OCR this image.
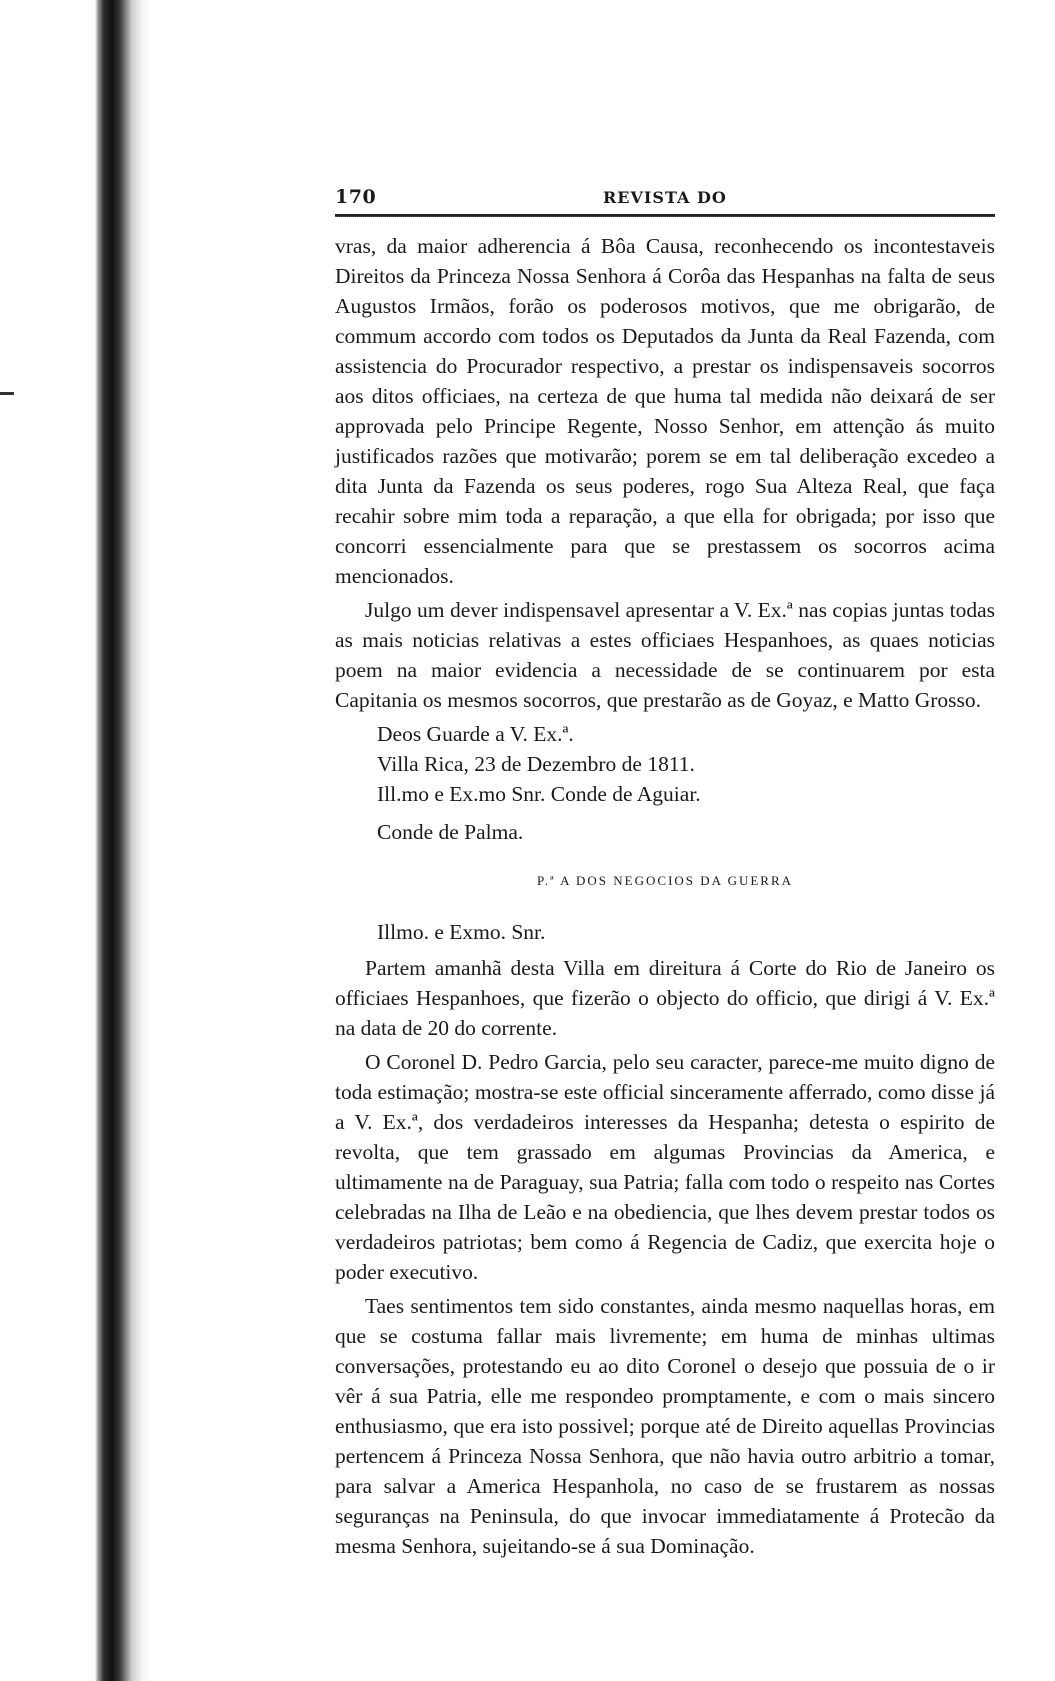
170	REVISTA DO

vras, da maior adherencia á Bôa Causa, reconhecendo os incontestaveis Direitos da Princeza Nossa Senhora á Corôa das Hespanhas na falta de seus Augustos Irmãos, forão os poderosos motivos, que me obrigarão, de commum accordo com todos os Deputados da Junta da Real Fazenda, com assistencia do Procurador respectivo, a prestar os indispensaveis socorros aos ditos officiaes, na certeza de que huma tal medida não deixará de ser approvada pelo Principe Regente, Nosso Senhor, em attenção ás muito justificados razões que motivarão; porem se em tal deliberação excedeo a dita Junta da Fazenda os seus poderes, rogo Sua Alteza Real, que faça recahir sobre mim toda a reparação, a que ella for obrigada; por isso que concorri essencialmente para que se prestassem os socorros acima mencionados.

Julgo um dever indispensavel apresentar a V. Ex.ª nas copias juntas todas as mais noticias relativas a estes officiaes Hespanhoes, as quaes noticias poem na maior evidencia a necessidade de se continuarem por esta Capitania os mesmos socorros, que prestarão as de Goyaz, e Matto Grosso.

Deos Guarde a V. Ex.ª.

Villa Rica, 23 de Dezembro de 1811.

Ill.mo e Ex.mo Snr. Conde de Aguiar.

Conde de Palma.

P.ª A DOS NEGOCIOS DA GUERRA

Illmo. e Exmo. Snr.

Partem amanhã desta Villa em direitura á Corte do Rio de Janeiro os officiaes Hespanhoes, que fizerão o objecto do officio, que dirigi á V. Ex.ª na data de 20 do corrente.

O Coronel D. Pedro Garcia, pelo seu caracter, parece-me muito digno de toda estimação; mostra-se este official sinceramente afferrado, como disse já a V. Ex.ª, dos verdadeiros interesses da Hespanha; detesta o espirito de revolta, que tem grassado em algumas Provincias da America, e ultimamente na de Paraguay, sua Patria; falla com todo o respeito nas Cortes celebradas na Ilha de Leão e na obediencia, que lhes devem prestar todos os verdadeiros patriotas; bem como á Regencia de Cadiz, que exercita hoje o poder executivo.

Taes sentimentos tem sido constantes, ainda mesmo naquellas horas, em que se costuma fallar mais livremente; em huma de minhas ultimas conversações, protestando eu ao dito Coronel o desejo que possuia de o ir vêr á sua Patria, elle me respondeo promptamente, e com o mais sincero enthusiasmo, que era isto possivel; porque até de Direito aquellas Provincias pertencem á Princeza Nossa Senhora, que não havia outro arbitrio a tomar, para salvar a America Hespanhola, no caso de se frustarem as nossas seguranças na Peninsula, do que invocar immediatamente á Protecão da mesma Senhora, sujeitando-se á sua Dominação.
